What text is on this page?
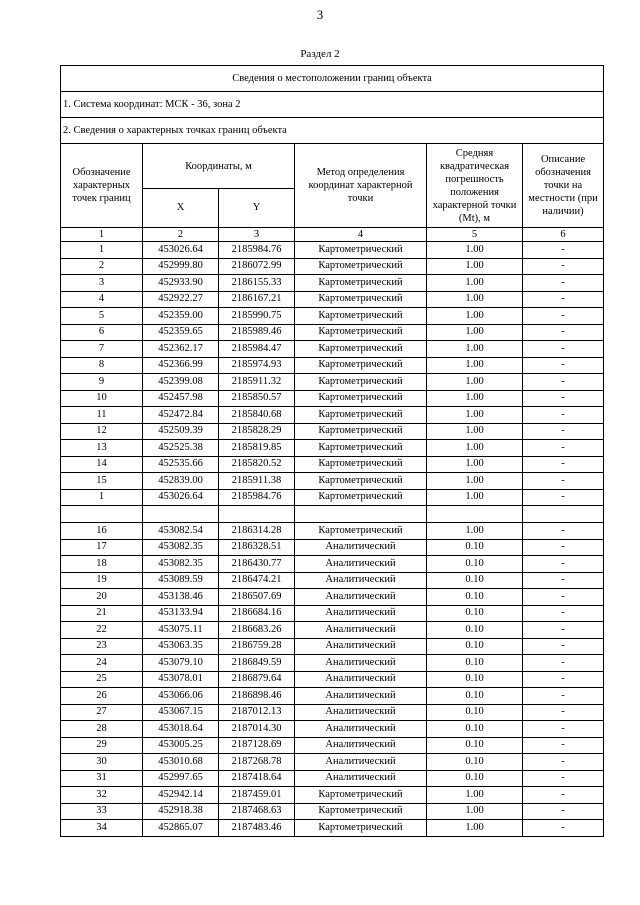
3
Раздел 2
Сведения о местоположении границ объекта					
1. Система координат: МСК - 36, зона 2					
2. Сведения о характерных точках границ объекта					
Обозначение характерных точек границ	Координаты, м		Метод определения координат характерной точки	Средняя квадратическая погрешность положения характерной точки (Mt), м	Описание обозначения точки на местности (при наличии)
	X	Y			
1	2	3	4	5	6
1	453026.64	2185984.76	Картометрический	1.00	-
2	452999.80	2186072.99	Картометрический	1.00	-
3	452933.90	2186155.33	Картометрический	1.00	-
4	452922.27	2186167.21	Картометрический	1.00	-
5	452359.00	2185990.75	Картометрический	1.00	-
6	452359.65	2185989.46	Картометрический	1.00	-
7	452362.17	2185984.47	Картометрический	1.00	-
8	452366.99	2185974.93	Картометрический	1.00	-
9	452399.08	2185911.32	Картометрический	1.00	-
10	452457.98	2185850.57	Картометрический	1.00	-
11	452472.84	2185840.68	Картометрический	1.00	-
12	452509.39	2185828.29	Картометрический	1.00	-
13	452525.38	2185819.85	Картометрический	1.00	-
14	452535.66	2185820.52	Картометрический	1.00	-
15	452839.00	2185911.38	Картометрический	1.00	-
1	453026.64	2185984.76	Картометрический	1.00	-

16	453082.54	2186314.28	Картометрический	1.00	-
17	453082.35	2186328.51	Аналитический	0.10	-
18	453082.35	2186430.77	Аналитический	0.10	-
19	453089.59	2186474.21	Аналитический	0.10	-
20	453138.46	2186507.69	Аналитический	0.10	-
21	453133.94	2186684.16	Аналитический	0.10	-
22	453075.11	2186683.26	Аналитический	0.10	-
23	453063.35	2186759.28	Аналитический	0.10	-
24	453079.10	2186849.59	Аналитический	0.10	-
25	453078.01	2186879.64	Аналитический	0.10	-
26	453066.06	2186898.46	Аналитический	0.10	-
27	453067.15	2187012.13	Аналитический	0.10	-
28	453018.64	2187014.30	Аналитический	0.10	-
29	453005.25	2187128.69	Аналитический	0.10	-
30	453010.68	2187268.78	Аналитический	0.10	-
31	452997.65	2187418.64	Аналитический	0.10	-
32	452942.14	2187459.01	Картометрический	1.00	-
33	452918.38	2187468.63	Картометрический	1.00	-
34	452865.07	2187483.46	Картометрический	1.00	-
